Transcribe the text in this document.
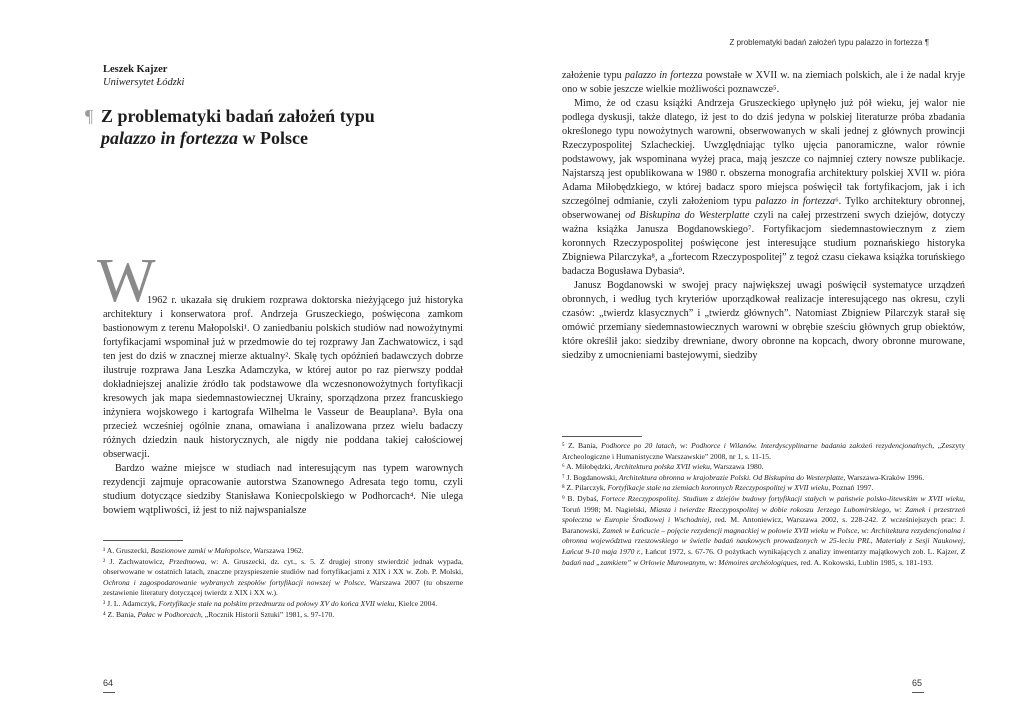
Leszek Kajzer
Uniwersytet Łódzki
¶ Z problematyki badań założeń typu
palazzo in fortezza w Polsce
W

1962 r. ukazała się drukiem rozprawa doktorska nieżyjącego już historyka architektury i konserwatora prof. Andrzeja Gruszeckiego, poświęcona zamkom bastionowym z terenu Małopolski¹. O zaniedbaniu polskich studiów nad nowożytnymi fortyfikacjami wspominał już w przedmowie do tej rozprawy Jan Zachwatowicz, i sąd ten jest do dziś w znacznej mierze aktualny². Skalę tych opóźnień badawczych dobrze ilustruje rozprawa Jana Leszka Adamczyka, w której autor po raz pierwszy poddał dokładniejszej analizie źródło tak podstawowe dla wczesnonowożytnych fortyfikacji kresowych jak mapa siedemnastowiecznej Ukrainy, sporządzona przez francuskiego inżyniera wojskowego i kartografa Wilhelma le Vasseur de Beauplana³. Była ona przecież wcześniej ogólnie znana, omawiana i analizowana przez wielu badaczy różnych dziedzin nauk historycznych, ale nigdy nie poddana takiej całościowej obserwacji.

Bardzo ważne miejsce w studiach nad interesującym nas typem warownych rezydencji zajmuje opracowanie autorstwa Szanownego Adresata tego tomu, czyli studium dotyczące siedziby Stanisława Koniecpolskiego w Podhorcach⁴. Nie ulega bowiem wątpliwości, iż jest to niż najwspanialsze

¹ A. Gruszecki, Bastionowe zamki w Małopolsce, Warszawa 1962.

² J. Zachwatowicz, Przedmowa, w: A. Gruszecki, dz. cyt., s. 5. Z drugiej strony stwierdzić jednak wypada, obserwowane w ostatnich latach, znaczne przyspieszenie studiów nad fortyfikacjami z XIX i XX w. Zob. P. Molski, Ochrona i zagospodarowanie wybranych zespołów fortyfikacji nowszej w Polsce, Warszawa 2007 (tu obszerne zestawienie literatury dotyczącej twierdz z XIX i XX w.).

³ J. L. Adamczyk, Fortyfikacje stałe na polskim przedmurzu od połowy XV do końca XVII wieku, Kielce 2004.

⁴ Z. Bania, Pałac w Podhorcach, „Rocznik Historii Sztuki” 1981, s. 97-170.

64
Z problematyki badań założeń typu palazzo in fortezza ¶

założenie typu palazzo in fortezza powstałe w XVII w. na ziemiach polskich, ale i że nadal kryje ono w sobie jeszcze wielkie możliwości poznawcze⁵.

Mimo, że od czasu książki Andrzeja Gruszeckiego upłynęło już pół wieku, jej walor nie podlega dyskusji, także dlatego, iż jest to do dziś jedyna w polskiej literaturze próba zbadania określonego typu nowożytnych warowni, obserwowanych w skali jednej z głównych prowincji Rzeczypospolitej Szlacheckiej. Uwzględniając tylko ujęcia panoramiczne, walor równie podstawowy, jak wspominana wyżej praca, mają jeszcze co najmniej cztery nowsze publikacje. Najstarszą jest opublikowana w 1980 r. obszerna monografia architektury polskiej XVII w. pióra Adama Miłobędzkiego, w której badacz sporo miejsca poświęcił tak fortyfikacjom, jak i ich szczególnej odmianie, czyli założeniom typu palazzo in fortezza⁶. Tylko architektury obronnej, obserwowanej od Biskupina do Westerplatte czyli na całej przestrzeni swych dziejów, dotyczy ważna książka Janusza Bogdanowskiego⁷. Fortyfikacjom siedemnastowiecznym z ziem koronnych Rzeczypospolitej poświęcone jest interesujące studium poznańskiego historyka Zbigniewa Pilarczyka⁸, a „fortecom Rzeczypospolitej” z tegoż czasu ciekawa książka toruńskiego badacza Bogusława Dybasia⁹.

Janusz Bogdanowski w swojej pracy największej uwagi poświęcił systematyce urządzeń obronnych, i według tych kryteriów uporządkował realizacje interesującego nas okresu, czyli czasów: „twierdz klasycznych” i „twierdz głównych”. Natomiast Zbigniew Pilarczyk starał się omówić przemiany siedemnastowiecznych warowni w obrębie sześciu głównych grup obiektów, które określił jako: siedziby drewniane, dwory obronne na kopcach, dwory obronne murowane, siedziby z umocnieniami bastejowymi, siedziby

⁵ Z. Bania, Podhorce po 20 latach, w: Podhorce i Wilanów. Interdyscyplinarne badania założeń rezydencjonalnych, „Zeszyty Archeologiczne i Humanistyczne Warszawskie” 2008, nr 1, s. 11-15.

⁶ A. Miłobędzki, Architektura polska XVII wieku, Warszawa 1980.

⁷ J. Bogdanowski, Architektura obronna w krajobrazie Polski. Od Biskupina do Westerplatte, Warszawa-Kraków 1996.

⁸ Z. Pilarczyk, Fortyfikacje stałe na ziemiach koronnych Rzeczypospolitej w XVII wieku, Poznań 1997.

⁹ B. Dybaś, Fortece Rzeczypospolitej. Studium z dziejów budowy fortyfikacji stałych w państwie polsko-litewskim w XVII wieku, Toruń 1998; M. Nagielski, Miasta i twierdze Rzeczypospolitej w dobie rokoszu Jerzego Lubomirskiego, w: Zamek i przestrzeń społeczna w Europie Środkowej i Wschodniej, red. M. Antoniewicz, Warszawa 2002, s. 228-242. Z wcześniejszych prac: J. Baranowski, Zamek w Łańcucie – pojęcie rezydencji magnackiej w połowie XVII wieku w Polsce, w: Architektura rezydencjonalna i obronna województwa rzeszowskiego w świetle badań naukowych prowadzonych w 25-leciu PRL, Materiały z Sesji Naukowej, Łańcut 9-10 maja 1970 r., Łańcut 1972, s. 67-76. O pożytkach wynikających z analizy inwentarzy majątkowych zob. L. Kajzer, Z badań nad „zamkiem” w Orłowie Murowanym, w: Mémoires archéologiques, red. A. Kokowski, Lublin 1985, s. 181-193.

65
